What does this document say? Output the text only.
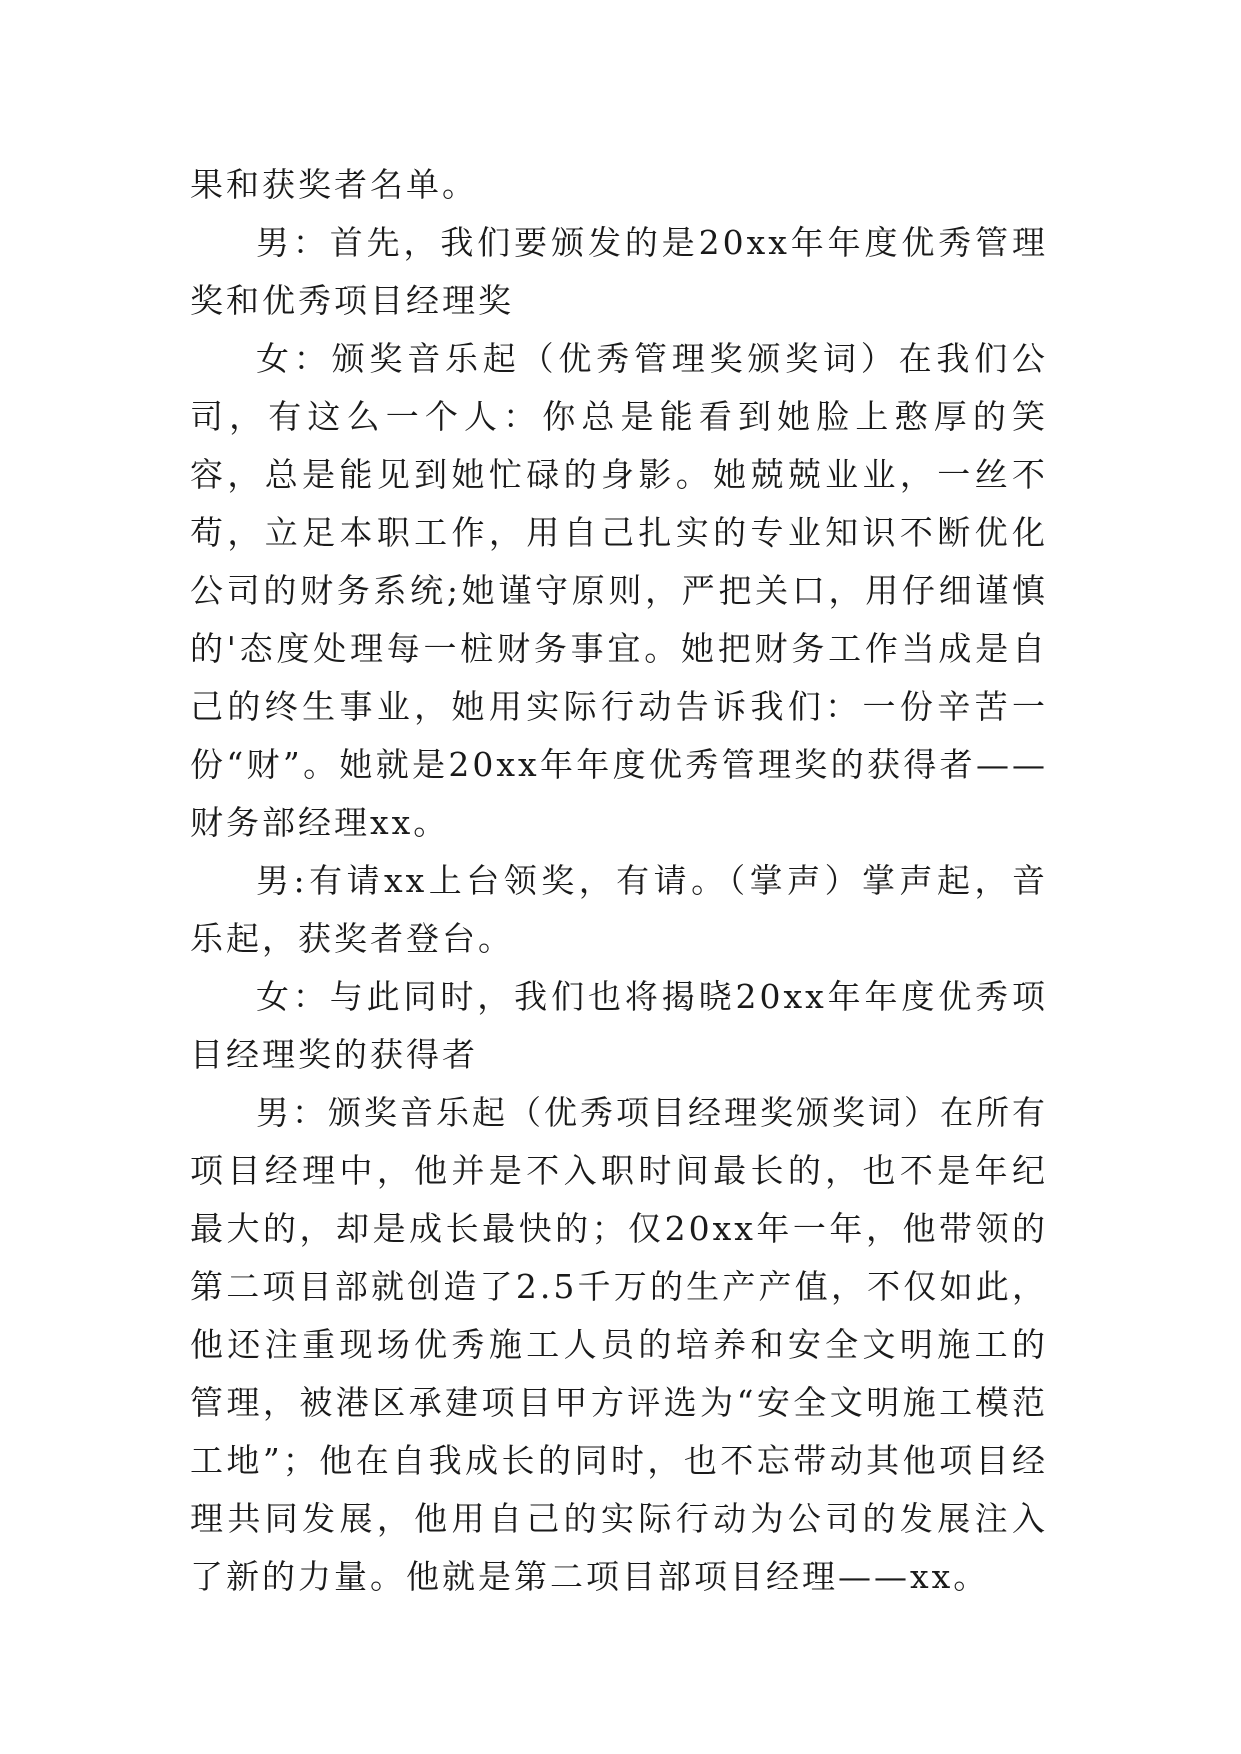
果和获奖者名单。

男：首先，我们要颁发的是20xx年年度优秀管理奖和优秀项目经理奖

女：颁奖音乐起（优秀管理奖颁奖词）在我们公司，有这么一个人：你总是能看到她脸上憨厚的笑容，总是能见到她忙碌的身影。她兢兢业业，一丝不苟，立足本职工作，用自己扎实的专业知识不断优化公司的财务系统;她谨守原则，严把关口，用仔细谨慎的'态度处理每一桩财务事宜。她把财务工作当成是自己的终生事业，她用实际行动告诉我们：一份辛苦一份“财”。她就是20xx年年度优秀管理奖的获得者——财务部经理xx。

男:有请xx上台领奖，有请。（掌声）掌声起，音乐起，获奖者登台。

女：与此同时，我们也将揭晓20xx年年度优秀项目经理奖的获得者

男：颁奖音乐起（优秀项目经理奖颁奖词）在所有项目经理中，他并是不入职时间最长的，也不是年纪最大的，却是成长最快的；仅20xx年一年，他带领的第二项目部就创造了2.5千万的生产产值，不仅如此，他还注重现场优秀施工人员的培养和安全文明施工的管理，被港区承建项目甲方评选为“安全文明施工模范工地”；他在自我成长的同时，也不忘带动其他项目经理共同发展，他用自己的实际行动为公司的发展注入了新的力量。他就是第二项目部项目经理——xx。
